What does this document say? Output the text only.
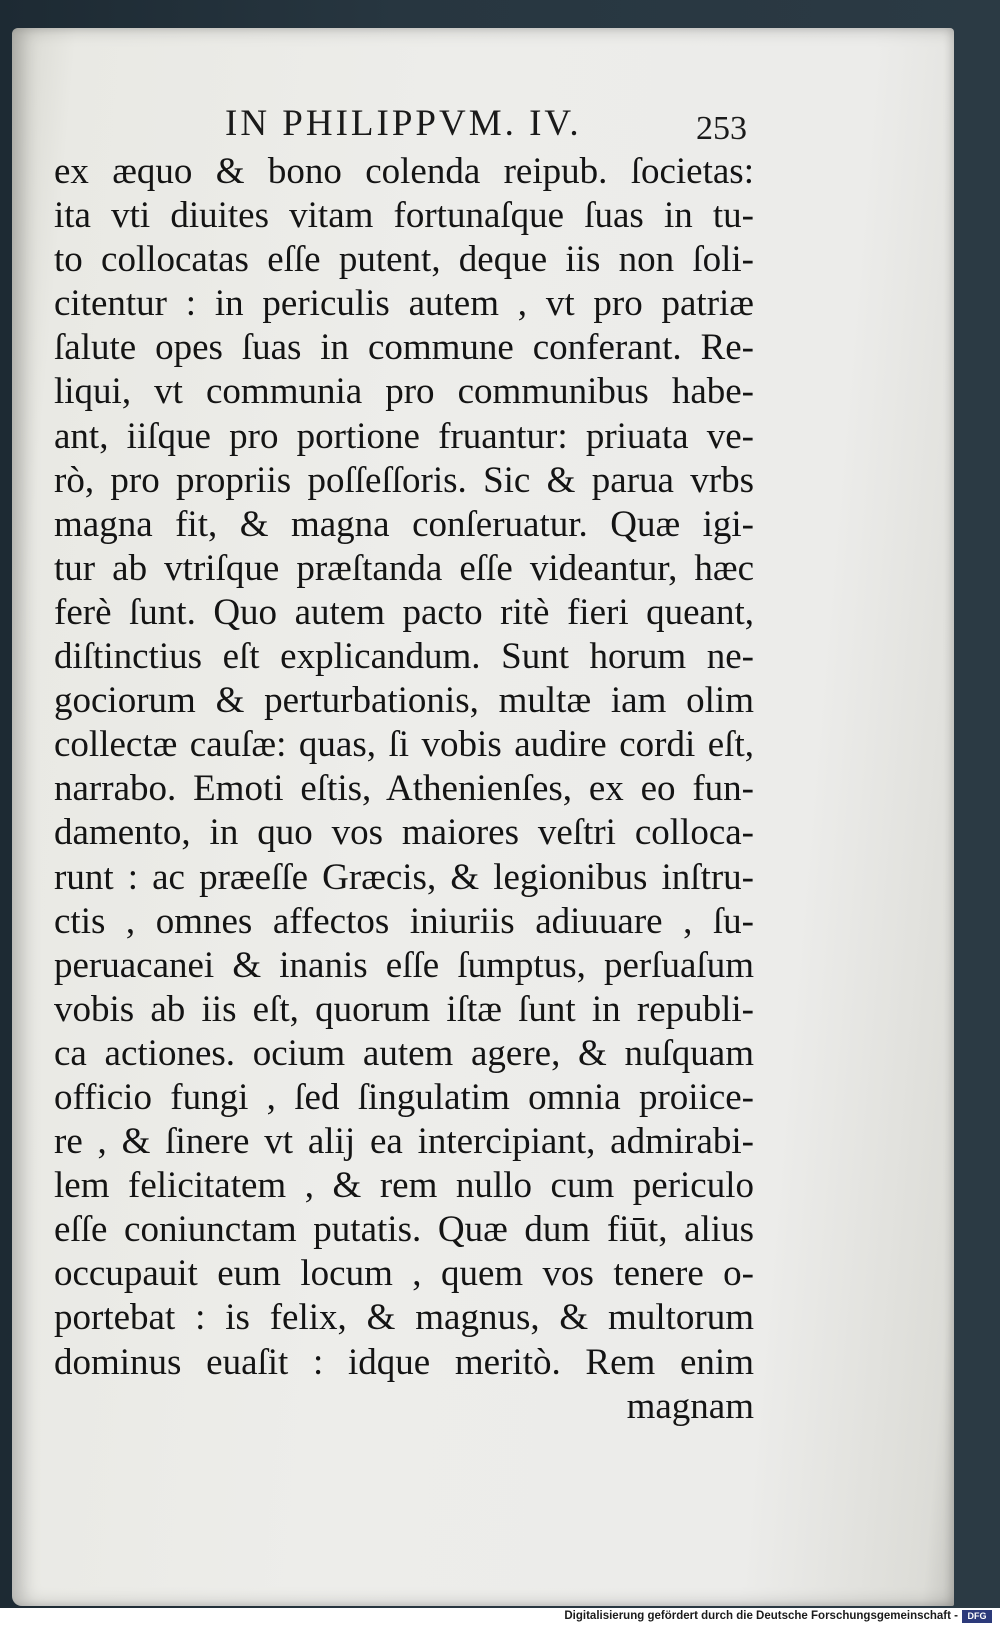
IN PHILIPPVM. IV.	253
ex æquo & bono colenda reipub. ſocietas:
ita vti diuites vitam fortunaſque ſuas in tu-
to collocatas eſſe putent, deque iis non ſoli-
citentur : in periculis autem , vt pro patriæ
ſalute opes ſuas in commune conferant. Re-
liqui, vt communia pro communibus habe-
ant, iiſque pro portione fruantur: priuata ve-
rò, pro propriis poſſeſſoris. Sic & parua vrbs
magna fit, & magna conſeruatur. Quæ igi-
tur ab vtriſque præſtanda eſſe videantur, hæc
ferè ſunt. Quo autem pacto ritè fieri queant,
diſtinctius eſt explicandum. Sunt horum ne-
gociorum & perturbationis, multæ iam olim
collectæ cauſæ: quas, ſi vobis audire cordi eſt,
narrabo. Emoti eſtis, Athenienſes, ex eo fun-
damento, in quo vos maiores veſtri colloca-
runt : ac præeſſe Græcis, & legionibus inſtru-
ctis , omnes affectos iniuriis adiuuare , ſu-
peruacanei & inanis eſſe ſumptus, perſuaſum
vobis ab iis eſt, quorum iſtæ ſunt in republi-
ca actiones. ocium autem agere, & nuſquam
officio fungi , ſed ſingulatim omnia proiice-
re , & ſinere vt alij ea intercipiant, admirabi-
lem felicitatem , & rem nullo cum periculo
eſſe coniunctam putatis. Quæ dum fiūt, alius
occupauit eum locum , quem vos tenere o-
portebat : is felix, & magnus, & multorum
dominus euaſit : idque meritò. Rem enim
magnam
Digitalisierung gefördert durch die Deutsche Forschungsgemeinschaft -	DFG
